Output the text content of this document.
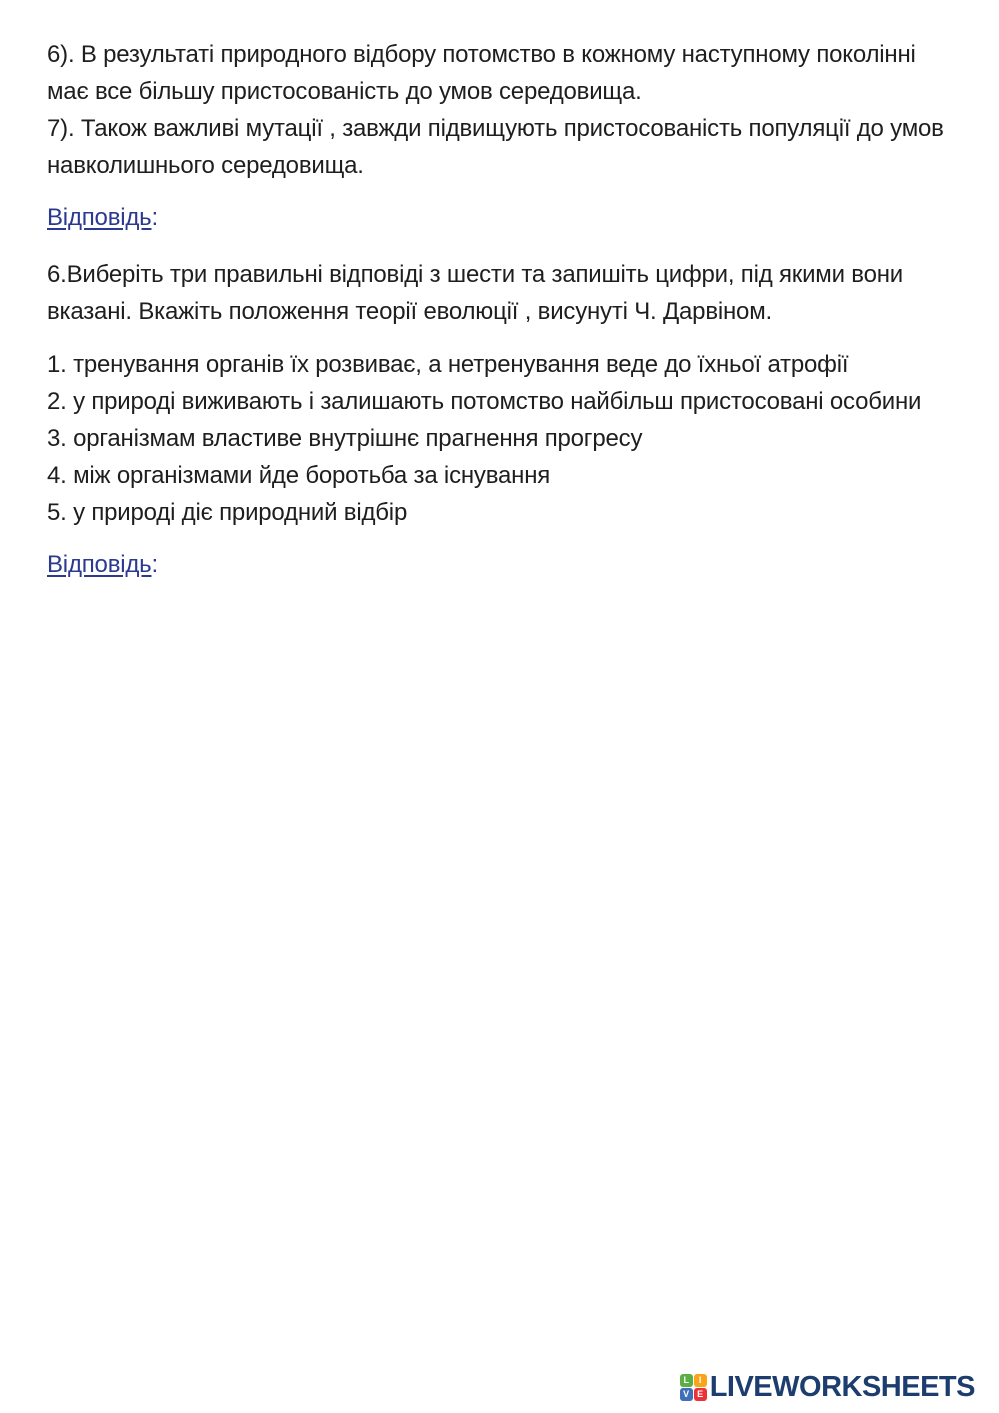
6). В результаті природного відбору потомство в кожному наступному поколінні має все більшу пристосованість до умов середовища.

7). Також важливі мутації , завжди підвищують пристосованість популяції до умов навколишнього середовища.

Відповідь:

6.Виберіть три правильні відповіді з шести та запишіть цифри, під якими вони вказані. Вкажіть положення теорії еволюції , висунуті Ч. Дарвіном.

1. тренування органів їх розвиває, а нетренування веде до їхньої атрофії

2. у природі виживають і залишають потомство найбільш пристосовані особини

3. організмам властиве внутрішнє прагнення прогресу

4. між організмами йде боротьба за існування

5. у природі діє природний відбір

Відповідь:

L	I
V E LIVEWORKSHEETS
